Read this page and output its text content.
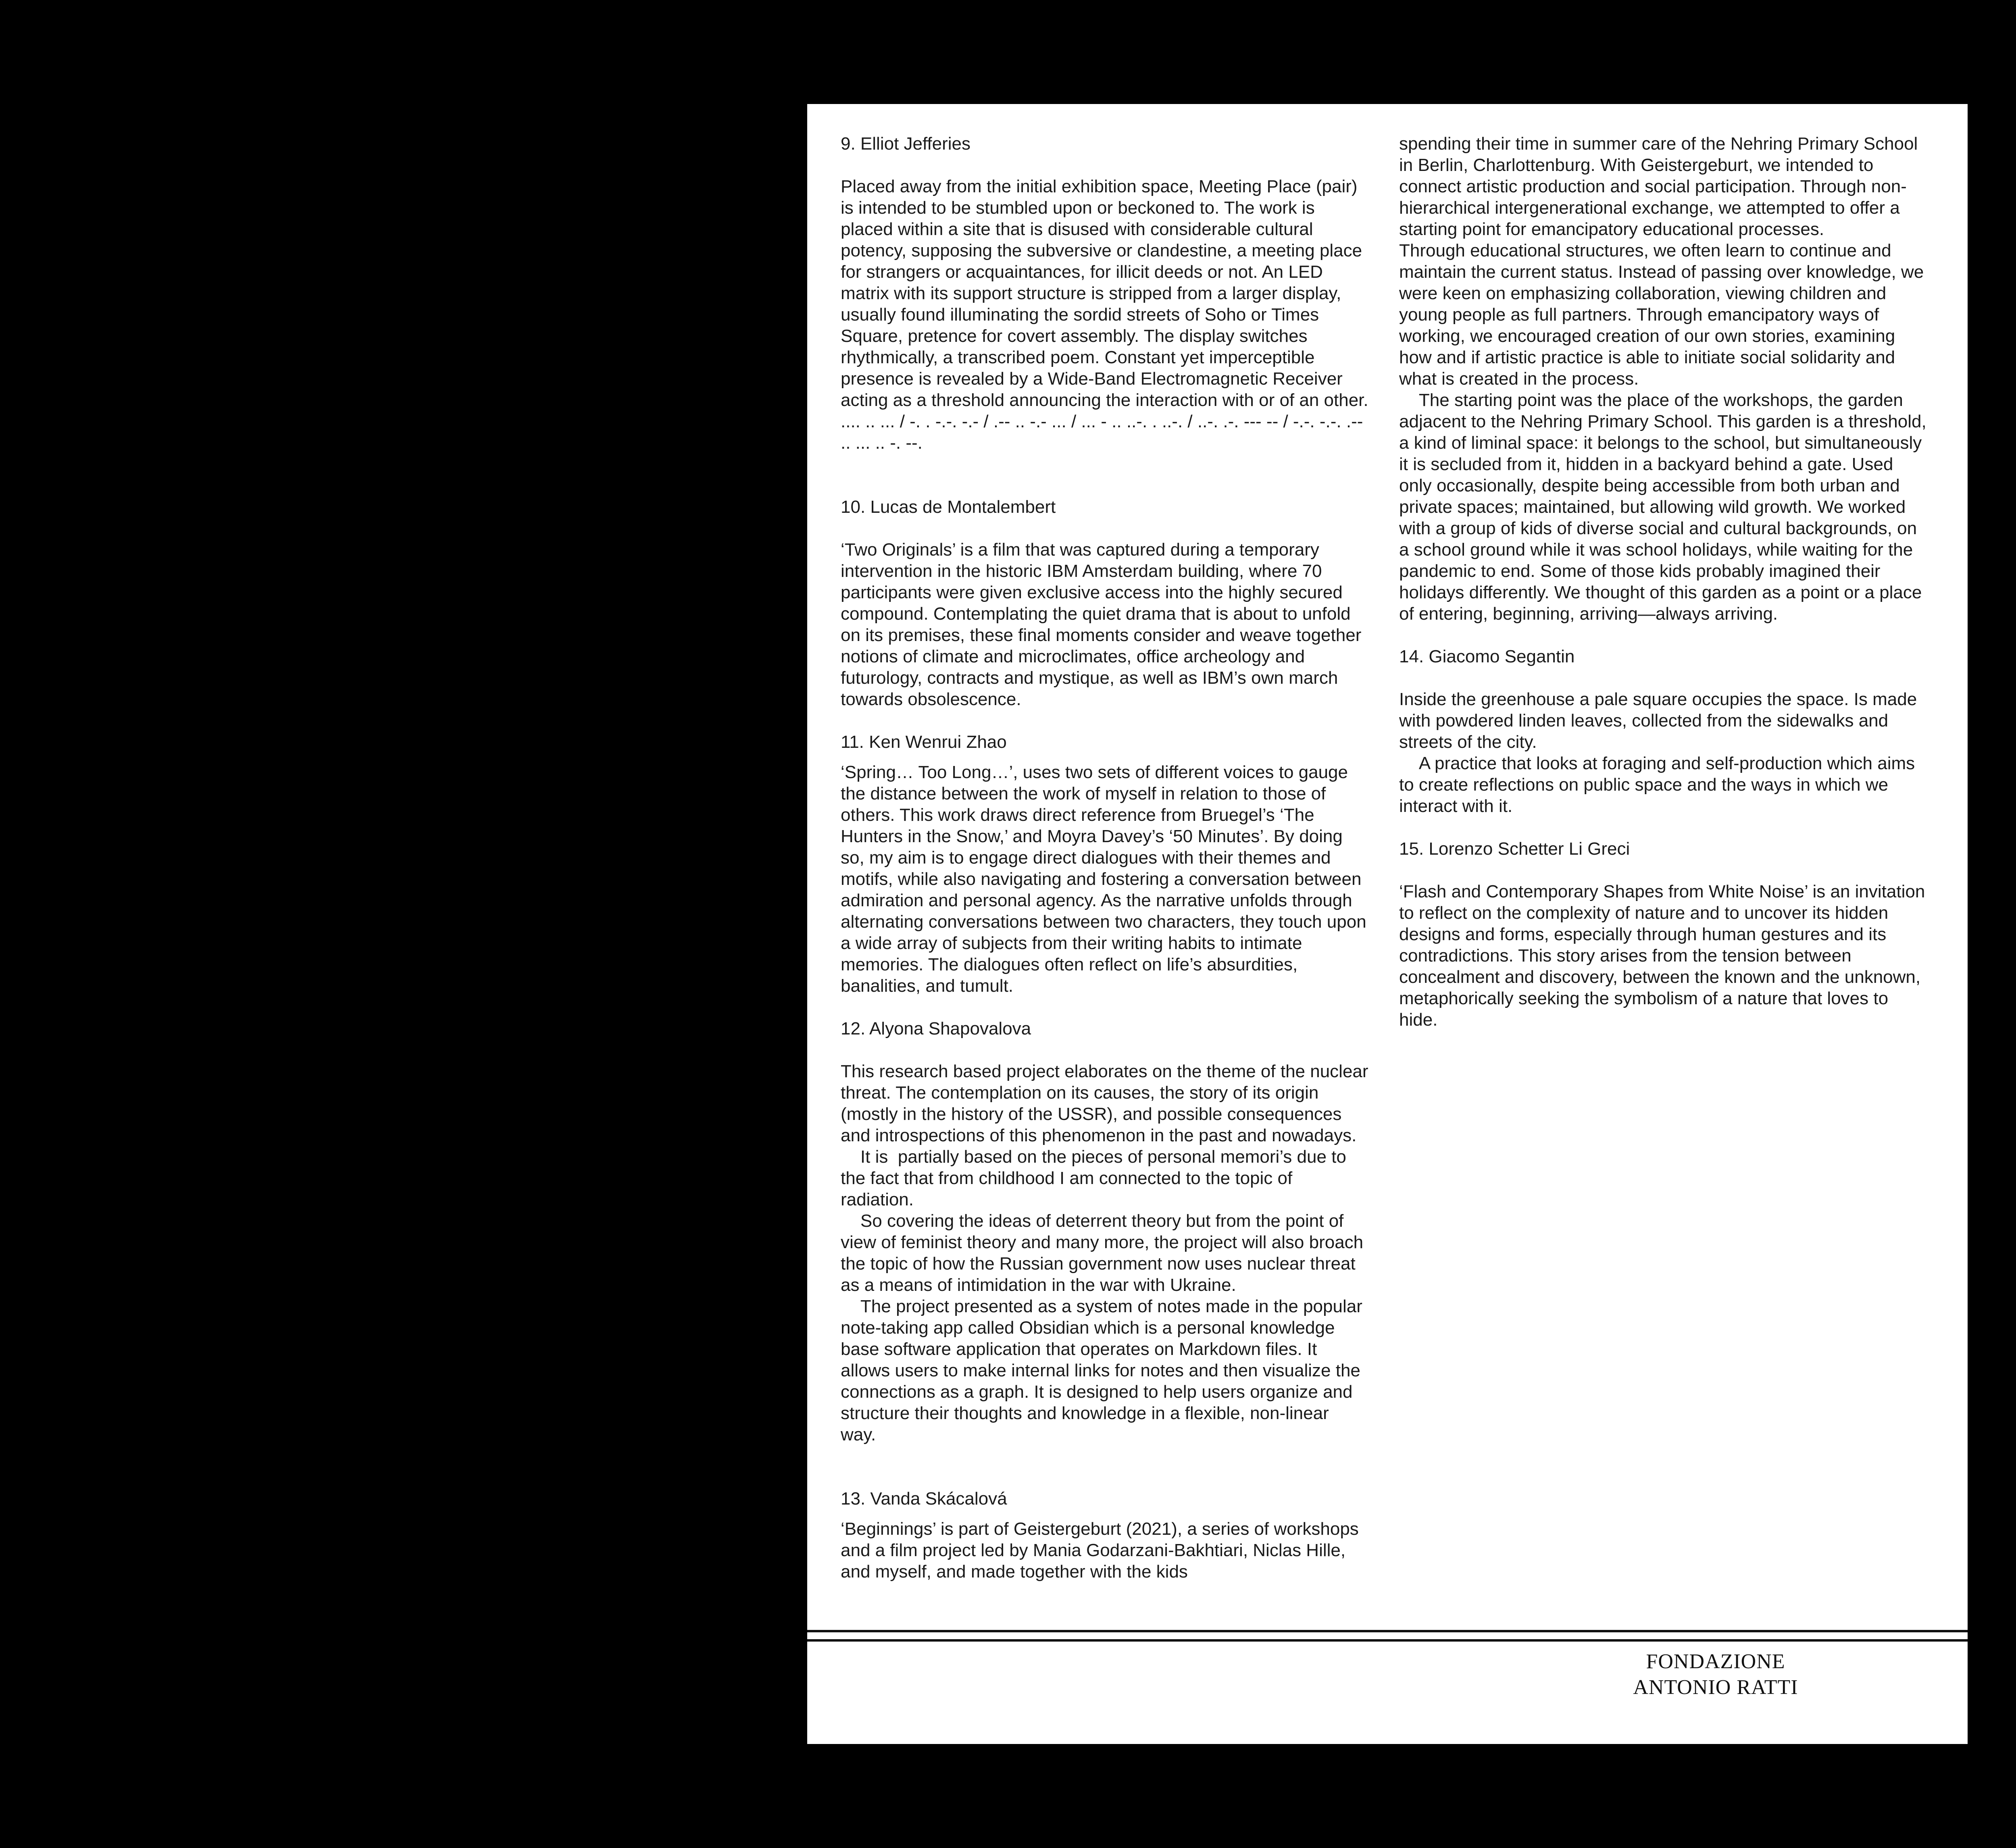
9. Elliot Jefferies

Placed away from the initial exhibition space, Meeting Place (pair) is intended to be stumbled upon or beckoned to. The work is placed within a site that is disused with considerable cultural potency, supposing the subversive or clandestine, a meeting place for strangers or acquaintances, for illicit deeds or not. An LED matrix with its support structure is stripped from a larger display, usually found illuminating the sordid streets of Soho or Times Square, pretence for covert assembly. The display switches rhythmically, a transcribed poem. Constant yet imperceptible presence is revealed by a Wide-Band Electromagnetic Receiver acting as a threshold announcing the interaction with or of an other.
.... .. ... / -. . -.-. -.- / .-- .. -.- ... / ... - .. ..-. . ..-. / ..-. .-. --- -- / -.-. -.-. .-- .. ... .. -. --.

10. Lucas de Montalembert

‘Two Originals’ is a film that was captured during a temporary intervention in the historic IBM Amsterdam building, where 70 participants were given exclusive access into the highly secured compound. Contemplating the quiet drama that is about to unfold on its premises, these final moments consider and weave together notions of climate and microclimates, office archeology and futurology, contracts and mystique, as well as IBM’s own march towards obsolescence.

11. Ken Wenrui Zhao

‘Spring… Too Long…’, uses two sets of different voices to gauge the distance between the work of myself in relation to those of others. This work draws direct reference from Bruegel’s ‘The Hunters in the Snow,’ and Moyra Davey’s ‘50 Minutes’. By doing so, my aim is to engage direct dialogues with their themes and motifs, while also navigating and fostering a conversation between admiration and personal agency. As the narrative unfolds through alternating conversations between two characters, they touch upon a wide array of subjects from their writing habits to intimate memories. The dialogues often reflect on life’s absurdities, banalities, and tumult.

12. Alyona Shapovalova

This research based project elaborates on the theme of the nuclear threat. The contemplation on its causes, the story of its origin (mostly in the history of the USSR), and possible consequences and introspections of this phenomenon in the past and nowadays.
It is  partially based on the pieces of personal memori’s due to the fact that from childhood I am connected to the topic of radiation.
So covering the ideas of deterrent theory but from the point of view of feminist theory and many more, the project will also broach the topic of how the Russian government now uses nuclear threat as a means of intimidation in the war with Ukraine.
The project presented as a system of notes made in the popular note-taking app called Obsidian which is a personal knowledge base software application that operates on Markdown files. It allows users to make internal links for notes and then visualize the connections as a graph. It is designed to help users organize and structure their thoughts and knowledge in a flexible, non-linear way.

13. Vanda Skácalová

‘Beginnings’ is part of Geistergeburt (2021), a series of workshops and a film project led by Mania Godarzani-Bakhtiari, Niclas Hille, and myself, and made together with the kids

spending their time in summer care of the Nehring Primary School in Berlin, Charlottenburg. With Geistergeburt, we intended to connect artistic production and social participation. Through non-hierarchical intergenerational exchange, we attempted to offer a starting point for emancipatory educational processes.
Through educational structures, we often learn to continue and maintain the current status. Instead of passing over knowledge, we were keen on emphasizing collaboration, viewing children and young people as full partners. Through emancipatory ways of working, we encouraged creation of our own stories, examining how and if artistic practice is able to initiate social solidarity and what is created in the process.
The starting point was the place of the workshops, the garden adjacent to the Nehring Primary School. This garden is a threshold, a kind of liminal space: it belongs to the school, but simultaneously it is secluded from it, hidden in a backyard behind a gate. Used only occasionally, despite being accessible from both urban and private spaces; maintained, but allowing wild growth. We worked with a group of kids of diverse social and cultural backgrounds, on a school ground while it was school holidays, while waiting for the pandemic to end. Some of those kids probably imagined their holidays differently. We thought of this garden as a point or a place of entering, beginning, arriving—always arriving.

14. Giacomo Segantin

Inside the greenhouse a pale square occupies the space. Is made with powdered linden leaves, collected from the sidewalks and streets of the city.
A practice that looks at foraging and self-production which aims to create reflections on public space and the ways in which we interact with it.

15. Lorenzo Schetter Li Greci

‘Flash and Contemporary Shapes from White Noise’ is an invitation to reflect on the complexity of nature and to uncover its hidden designs and forms, especially through human gestures and its contradictions. This story arises from the tension between concealment and discovery, between the known and the unknown, metaphorically seeking the symbolism of a nature that loves to hide.

FONDAZIONE
ANTONIO RATTI
